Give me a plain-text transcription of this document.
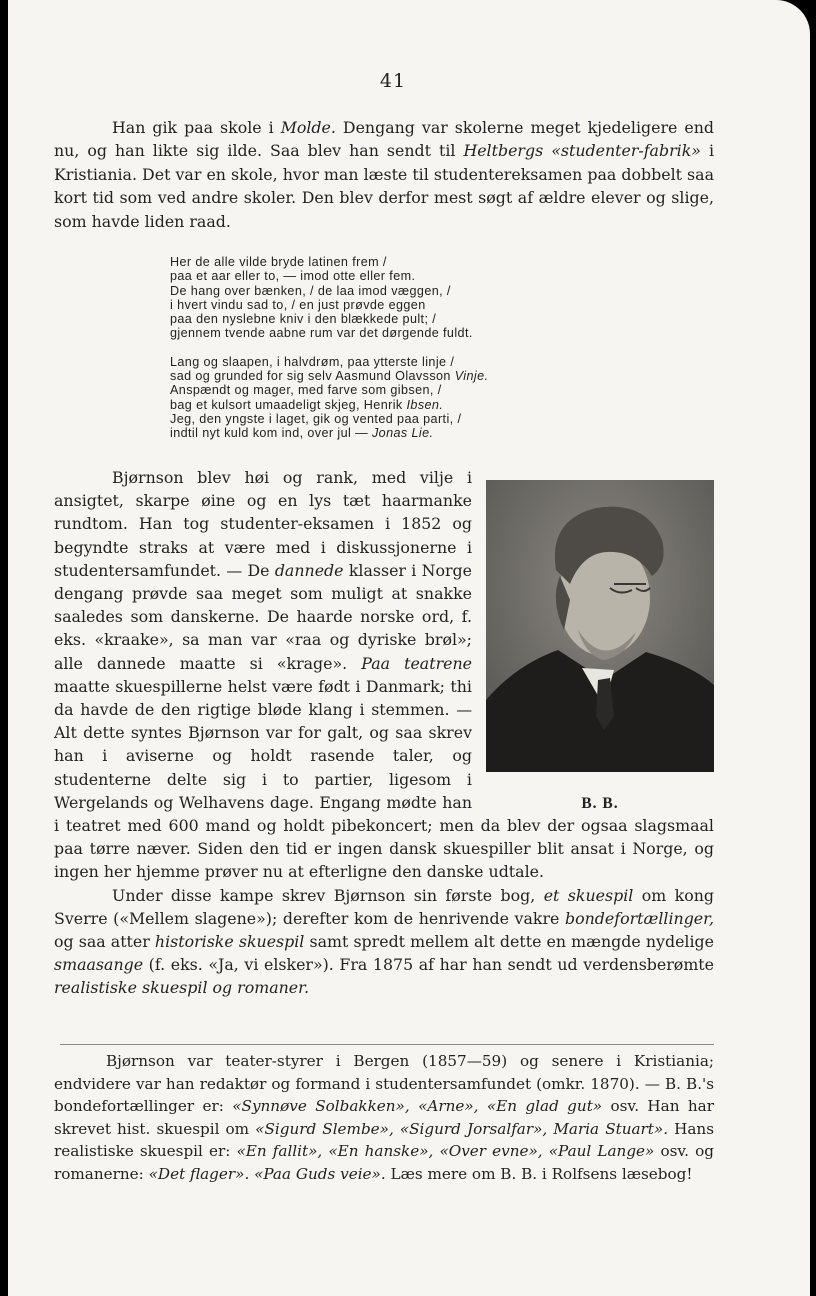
41

Han gik paa skole i Molde. Dengang var skolerne meget kjedeligere end nu, og han likte sig ilde. Saa blev han sendt til Heltbergs «studenter-fabrik» i Kristiania. Det var en skole, hvor man læste til studentereksamen paa dobbelt saa kort tid som ved andre skoler. Den blev derfor mest søgt af ældre elever og slige, som havde liden raad.

Her de alle vilde bryde latinen frem /
paa et aar eller to, — imod otte eller fem.
De hang over bænken, / de laa imod væggen, /
i hvert vindu sad to, / en just prøvde eggen
paa den nyslebne kniv i den blækkede pult; /
gjennem tvende aabne rum var det dørgende fuldt.
Lang og slaapen, i halvdrøm, paa ytterste linje /
sad og grunded for sig selv Aasmund Olavsson Vinje.
Anspændt og mager, med farve som gibsen, /
bag et kulsort umaadeligt skjeg, Henrik Ibsen.
Jeg, den yngste i laget, gik og vented paa parti, /
indtil nyt kuld kom ind, over jul — Jonas Lie.
B. B.

Bjørnson blev høi og rank, med vilje i ansigtet, skarpe øine og en lys tæt haarmanke rundtom. Han tog studenter-eksamen i 1852 og begyndte straks at være med i diskussjonerne i studentersamfundet. — De dannede klasser i Norge dengang prøvde saa meget som muligt at snakke saaledes som danskerne. De haarde norske ord, f. eks. «kraake», sa man var «raa og dyriske brøl»; alle dannede maatte si «krage». Paa teatrene maatte skuespillerne helst være født i Danmark; thi da havde de den rigtige bløde klang i stemmen. — Alt dette syntes Bjørnson var for galt, og saa skrev han i aviserne og holdt rasende taler, og studenterne delte sig i to partier, ligesom i Wergelands og Welhavens dage. Engang mødte han i teatret med 600 mand og holdt pibekoncert; men da blev der ogsaa slagsmaal paa tørre næver. Siden den tid er ingen dansk skuespiller blit ansat i Norge, og ingen her hjemme prøver nu at efterligne den danske udtale.

Under disse kampe skrev Bjørnson sin første bog, et skuespil om kong Sverre («Mellem slagene»); derefter kom de henrivende vakre bondefortællinger, og saa atter historiske skuespil samt spredt mellem alt dette en mængde nydelige smaasange (f. eks. «Ja, vi elsker»). Fra 1875 af har han sendt ud verdensberømte realistiske skuespil og romaner.

Bjørnson var teater-styrer i Bergen (1857—59) og senere i Kristiania; endvidere var han redaktør og formand i studentersamfundet (omkr. 1870). — B. B.'s bondefortællinger er: «Synnøve Solbakken», «Arne», «En glad gut» osv. Han har skrevet hist. skuespil om «Sigurd Slembe», «Sigurd Jorsalfar», Maria Stuart». Hans realistiske skuespil er: «En fallit», «En hanske», «Over evne», «Paul Lange» osv. og romanerne: «Det flager». «Paa Guds veie». Læs mere om B. B. i Rolfsens læsebog!
